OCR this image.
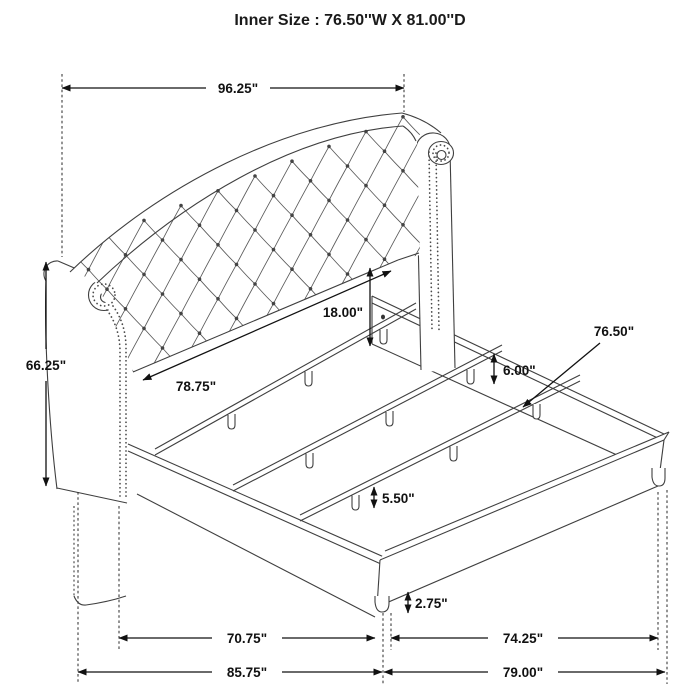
96.25"
66.25"
18.00"
78.75"
6.00"
76.50"
5.50"
2.75"
70.75"	74.25"
85.75"	79.00"
Inner Size : 76.50''W X 81.00''D
